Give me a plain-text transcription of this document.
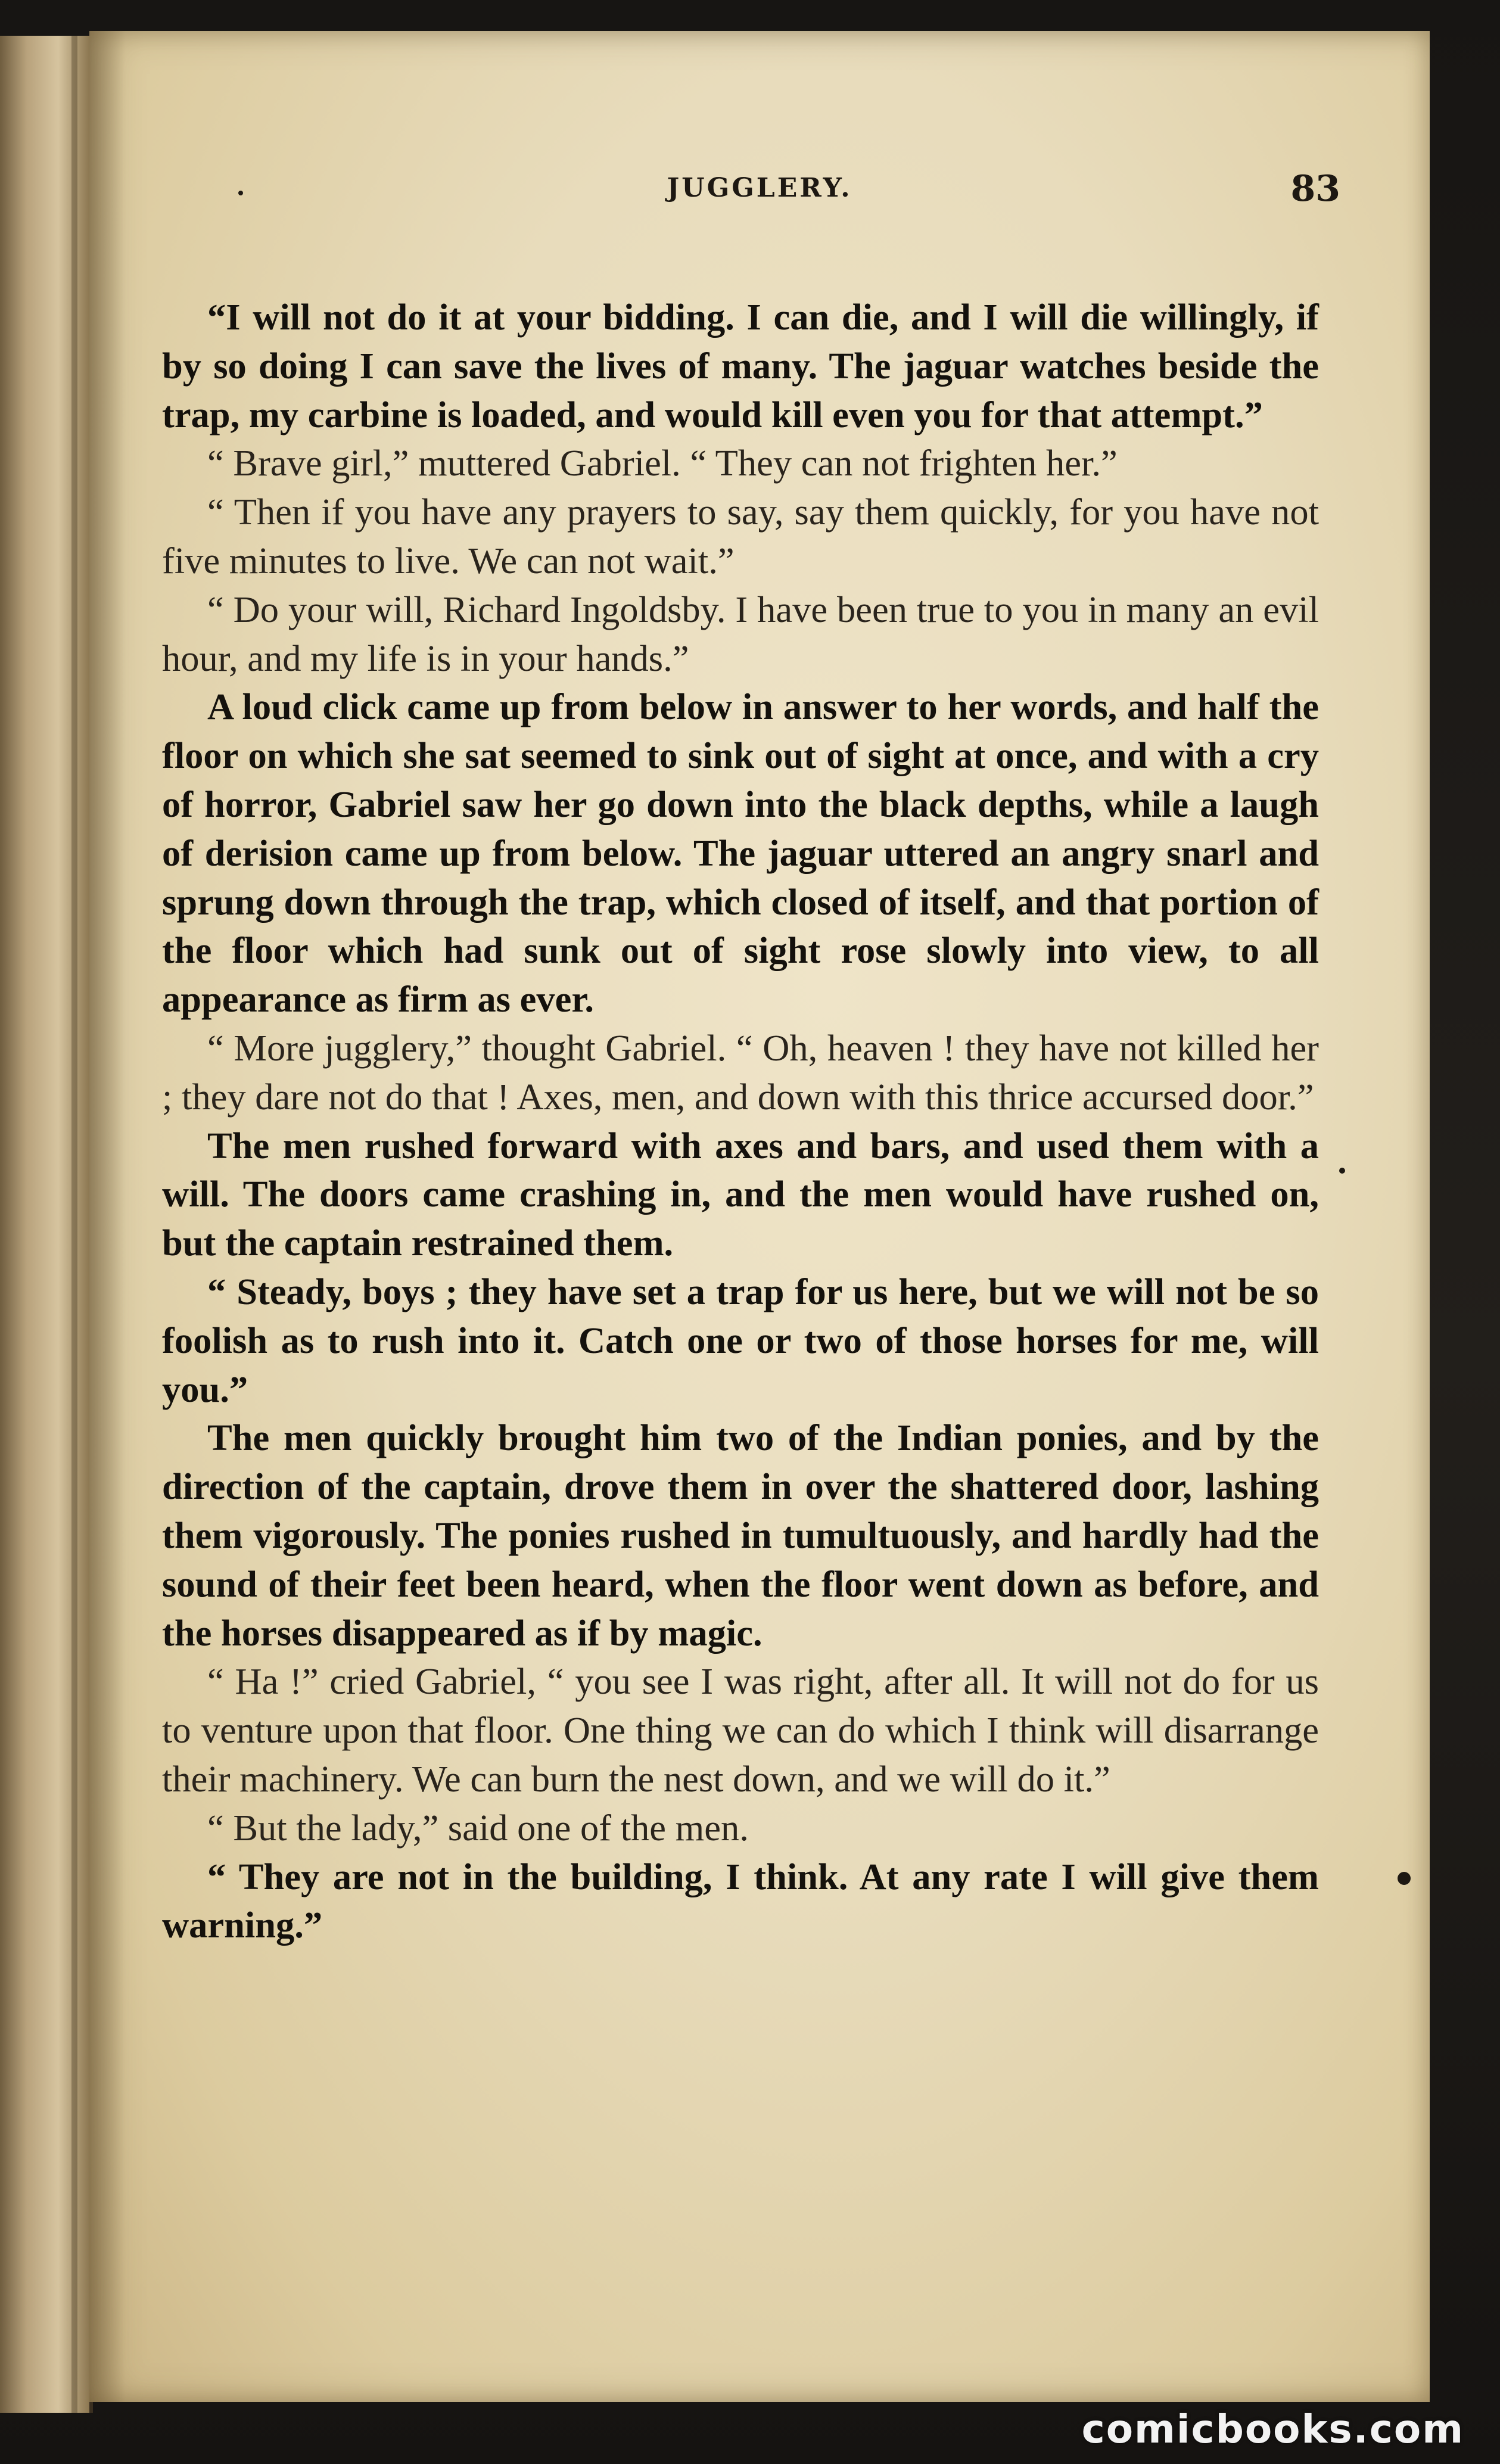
JUGGLERY.	83

“I will not do it at your bidding. I can die, and I will die willingly, if by so doing I can save the lives of many. The jaguar watches beside the trap, my carbine is loaded, and would kill even you for that attempt.”

“ Brave girl,” muttered Gabriel. “ They can not frighten her.”

“ Then if you have any prayers to say, say them quickly, for you have not five minutes to live. We can not wait.”

“ Do your will, Richard Ingoldsby. I have been true to you in many an evil hour, and my life is in your hands.”

A loud click came up from below in answer to her words, and half the floor on which she sat seemed to sink out of sight at once, and with a cry of horror, Gabriel saw her go down into the black depths, while a laugh of derision came up from below. The jaguar uttered an angry snarl and sprung down through the trap, which closed of itself, and that portion of the floor which had sunk out of sight rose slowly into view, to all appearance as firm as ever.

“ More jugglery,” thought Gabriel. “ Oh, heaven ! they have not killed her ; they dare not do that ! Axes, men, and down with this thrice accursed door.”

The men rushed forward with axes and bars, and used them with a will. The doors came crashing in, and the men would have rushed on, but the captain restrained them.

“ Steady, boys ; they have set a trap for us here, but we will not be so foolish as to rush into it. Catch one or two of those horses for me, will you.”

The men quickly brought him two of the Indian ponies, and by the direction of the captain, drove them in over the shattered door, lashing them vigorously. The ponies rushed in tumultuously, and hardly had the sound of their feet been heard, when the floor went down as before, and the horses disappeared as if by magic.

“ Ha !” cried Gabriel, “ you see I was right, after all. It will not do for us to venture upon that floor. One thing we can do which I think will disarrange their machinery. We can burn the nest down, and we will do it.”

“ But the lady,” said one of the men.

“ They are not in the building, I think. At any rate I will give them warning.”

comicbooks.com
